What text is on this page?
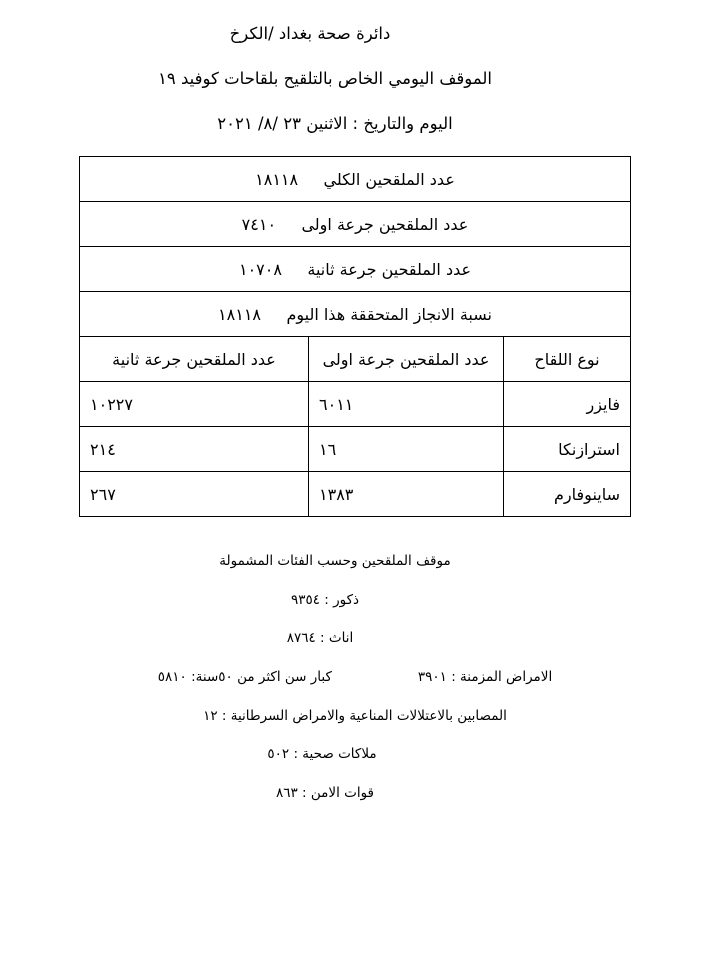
دائرة صحة بغداد /الكرخ
الموقف اليومي الخاص بالتلقيح بلقاحات كوفيد ١٩
اليوم والتاريخ : الاثنين ٢٣ /٨/ ٢٠٢١
عدد الملقحين الكلي     ١٨١١٨		
عدد الملقحين جرعة اولى     ٧٤١٠		
عدد الملقحين جرعة ثانية     ١٠٧٠٨		
نسبة الانجاز المتحققة هذا اليوم     ١٨١١٨		
نوع اللقاح	عدد الملقحين جرعة اولى	عدد الملقحين جرعة ثانية
فايزر	٦٠١١	١٠٢٢٧
استرازنكا	١٦	٢١٤
ساينوفارم	١٣٨٣	٢٦٧
موقف الملقحين وحسب الفئات المشمولة
ذكور : ٩٣٥٤
اناث : ٨٧٦٤
الامراض المزمنة : ٣٩٠١
كبار سن اكثر من ٥٠سنة: ٥٨١٠
المصابين بالاعتلالات المناعية والامراض السرطانية : ١٢
ملاكات صحية : ٥٠٢
قوات الامن : ٨٦٣
